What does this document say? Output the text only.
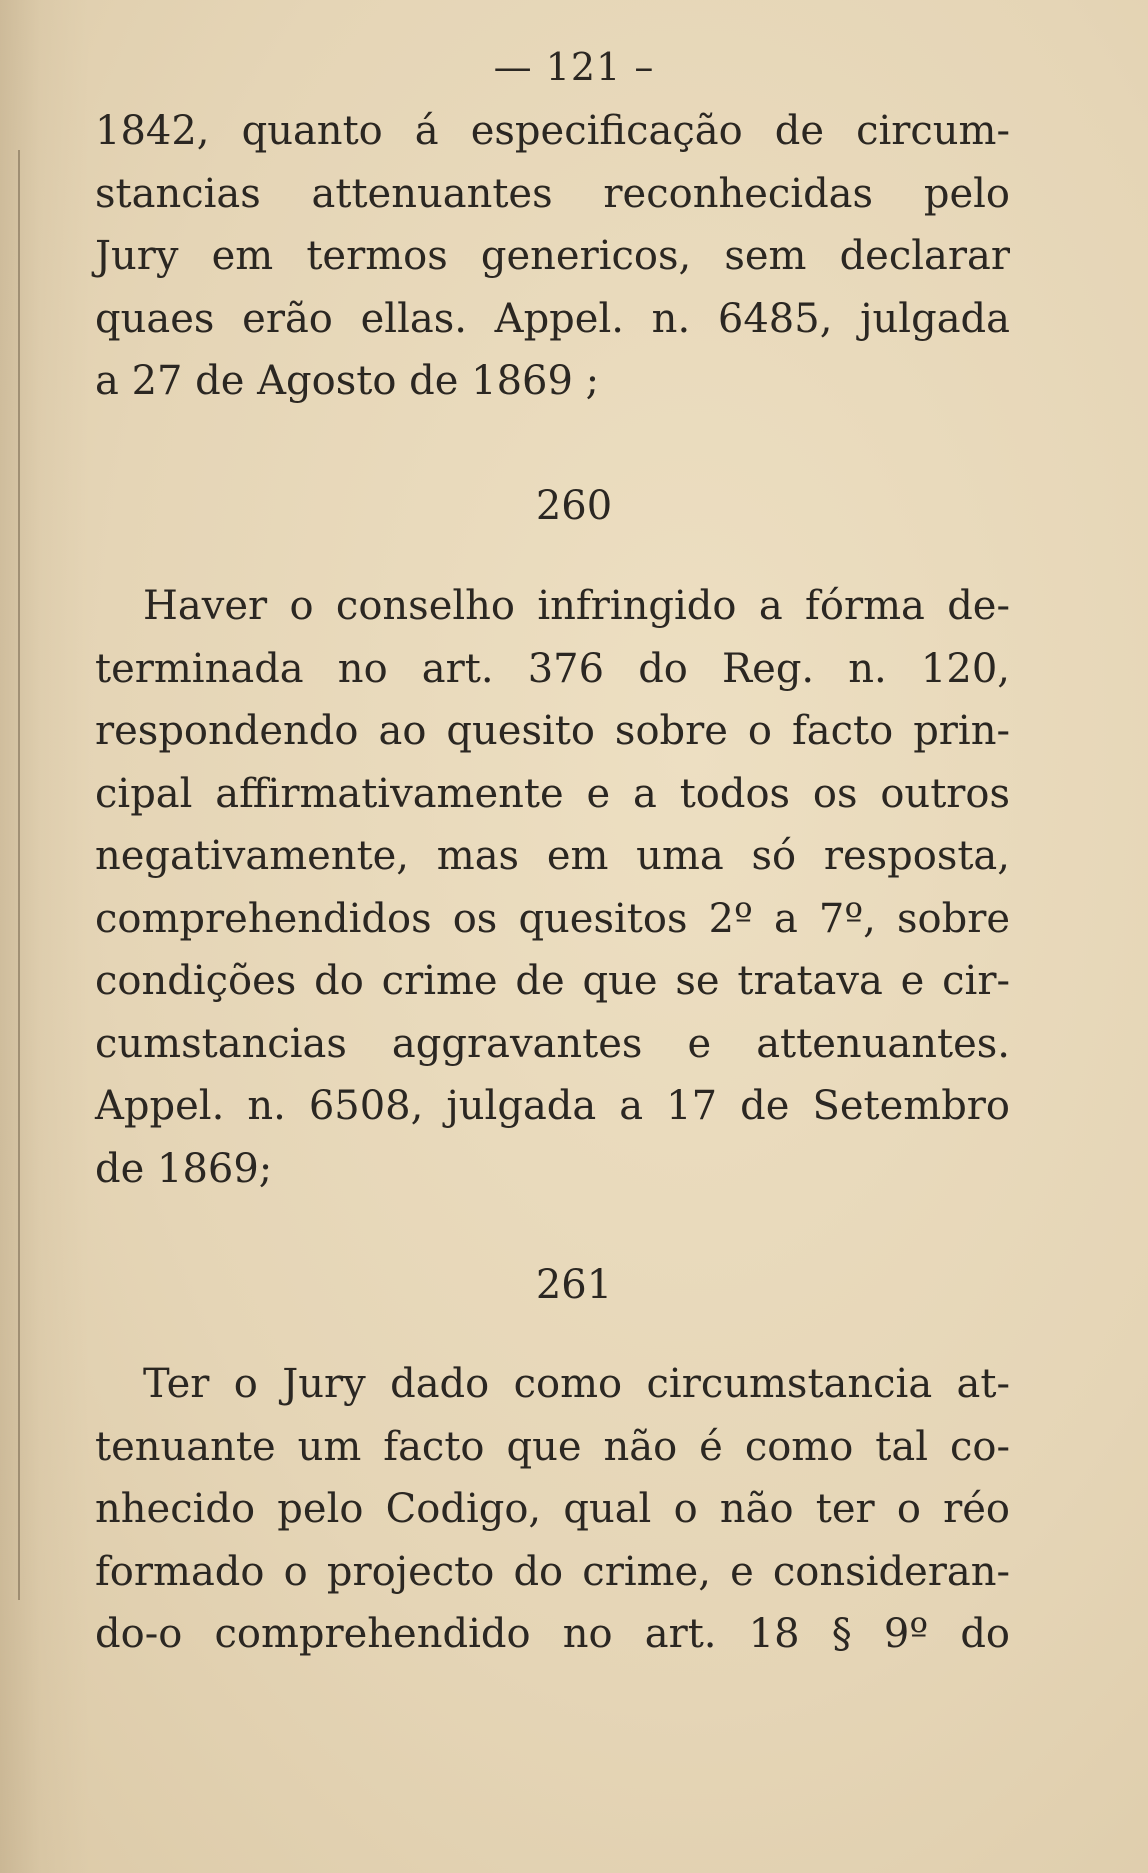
— 121 –
1842, quanto á especificação de circum-
stancias attenuantes reconhecidas pelo
Jury em termos genericos, sem declarar
quaes erão ellas. Appel. n. 6485, julgada
a 27 de Agosto de 1869 ;
260
Haver o conselho infringido a fórma de-
terminada no art. 376 do Reg. n. 120,
respondendo ao quesito sobre o facto prin-
cipal affirmativamente e a todos os outros
negativamente, mas em uma só resposta,
comprehendidos os quesitos 2º a 7º, sobre
condições do crime de que se tratava e cir-
cumstancias aggravantes e attenuantes.
Appel. n. 6508, julgada a 17 de Setembro
de 1869;
261
Ter o Jury dado como circumstancia at-
tenuante um facto que não é como tal co-
nhecido pelo Codigo, qual o não ter o réo
formado o projecto do crime, e consideran-
do-o comprehendido no art. 18 § 9º do
